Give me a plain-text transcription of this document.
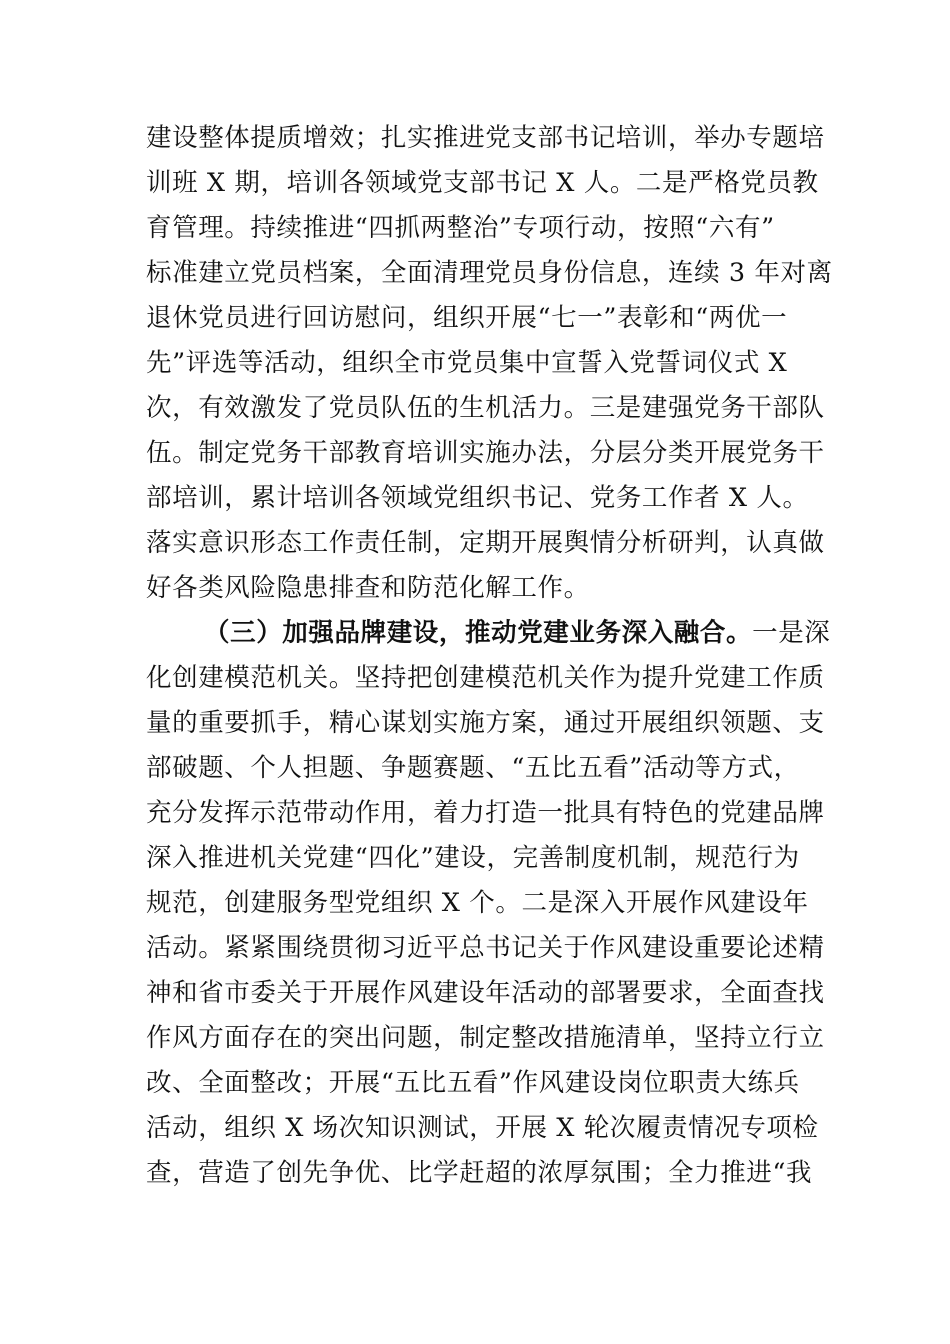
建设整体提质增效；扎实推进党支部书记培训，举办专题培
训班 X 期，培训各领域党支部书记 X 人。二是严格党员教
育管理。持续推进“四抓两整治”专项行动，按照“六有”
标准建立党员档案，全面清理党员身份信息，连续 3 年对离
退休党员进行回访慰问，组织开展“七一”表彰和“两优一
先”评选等活动，组织全市党员集中宣誓入党誓词仪式 X
次，有效激发了党员队伍的生机活力。三是建强党务干部队
伍。制定党务干部教育培训实施办法，分层分类开展党务干
部培训，累计培训各领域党组织书记、党务工作者 X 人。
落实意识形态工作责任制，定期开展舆情分析研判，认真做
好各类风险隐患排查和防范化解工作。
（三）加强品牌建设，推动党建业务深入融合。一是深
化创建模范机关。坚持把创建模范机关作为提升党建工作质
量的重要抓手，精心谋划实施方案，通过开展组织领题、支
部破题、个人担题、争题赛题、“五比五看”活动等方式，
充分发挥示范带动作用，着力打造一批具有特色的党建品牌
深入推进机关党建“四化”建设，完善制度机制，规范行为
规范，创建服务型党组织 X 个。二是深入开展作风建设年
活动。紧紧围绕贯彻习近平总书记关于作风建设重要论述精
神和省市委关于开展作风建设年活动的部署要求，全面查找
作风方面存在的突出问题，制定整改措施清单，坚持立行立
改、全面整改；开展“五比五看”作风建设岗位职责大练兵
活动，组织 X 场次知识测试，开展 X 轮次履责情况专项检
查，营造了创先争优、比学赶超的浓厚氛围；全力推进“我
